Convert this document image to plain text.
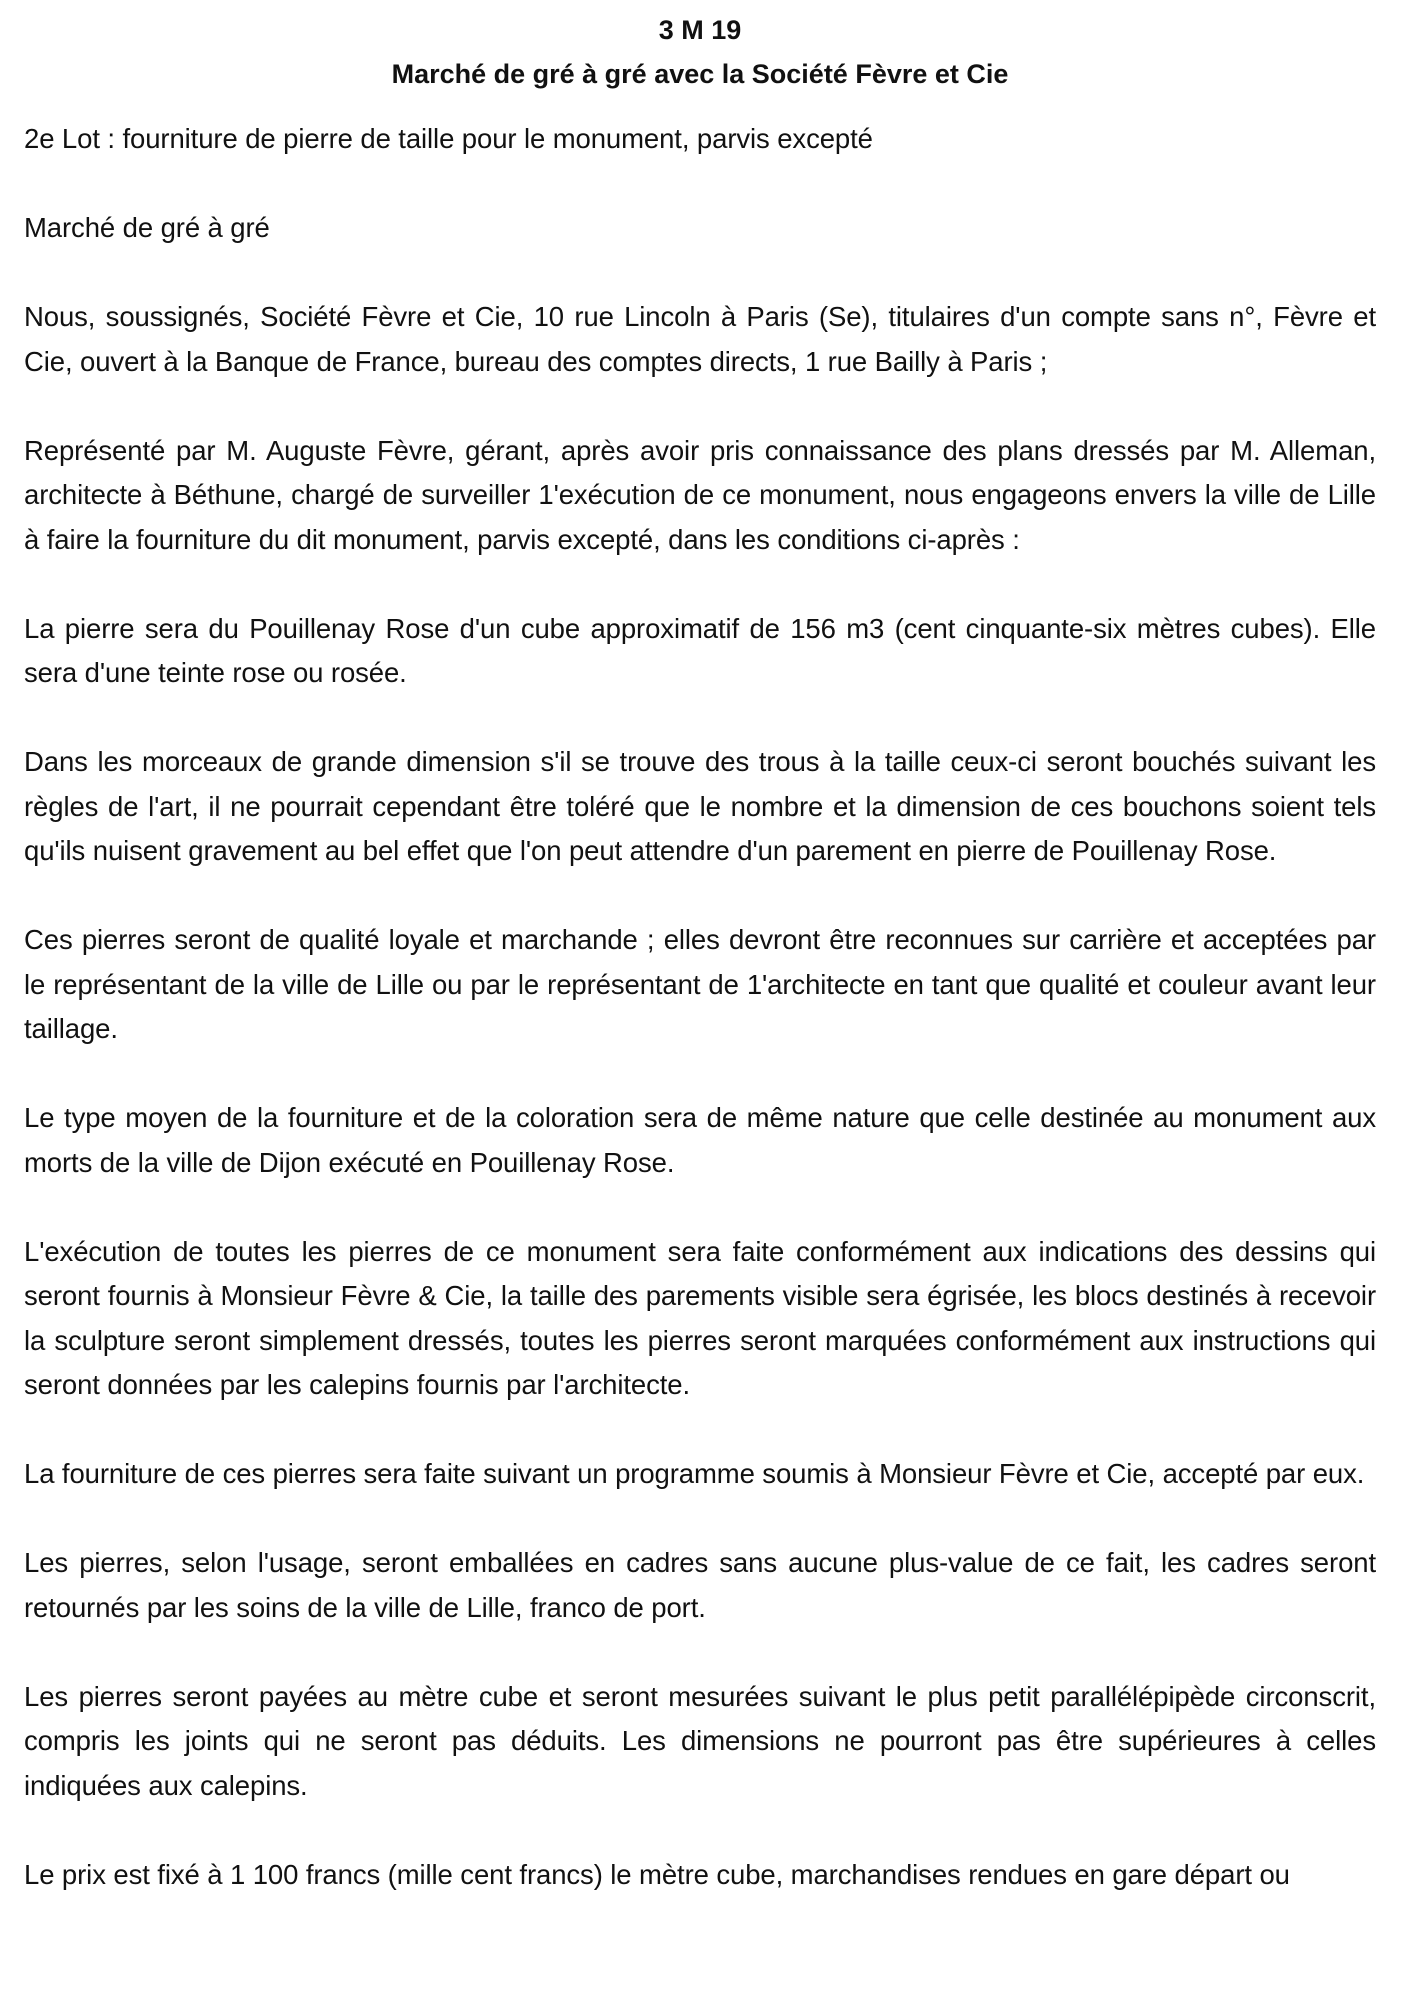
3 M 19

Marché de gré à gré avec la Société Fèvre et Cie

2e Lot : fourniture de pierre de taille pour le monument, parvis excepté

Marché de gré à gré

Nous, soussignés, Société Fèvre et Cie, 10 rue Lincoln à Paris (Se), titulaires d'un compte sans n°, Fèvre et Cie, ouvert à la Banque de France, bureau des comptes directs, 1 rue Bailly à Paris ;

Représenté par M. Auguste Fèvre, gérant, après avoir pris connaissance des plans dressés par M. Alleman, architecte à Béthune, chargé de surveiller 1'exécution de ce monument, nous engageons envers la ville de Lille à faire la fourniture du dit monument, parvis excepté, dans les conditions ci-après :

La pierre sera du Pouillenay Rose d'un cube approximatif de 156 m3 (cent cinquante-six mètres cubes). Elle sera d'une teinte rose ou rosée.

Dans les morceaux de grande dimension s'il se trouve des trous à la taille ceux-ci seront bouchés suivant les règles de l'art, il ne pourrait cependant être toléré que le nombre et la dimension de ces bouchons soient tels qu'ils nuisent gravement au bel effet que l'on peut attendre d'un parement en pierre de Pouillenay Rose.

Ces pierres seront de qualité loyale et marchande ; elles devront être reconnues sur carrière et acceptées par le représentant de la ville de Lille ou par le représentant de 1'architecte en tant que qualité et couleur avant leur taillage.

Le type moyen de la fourniture et de la coloration sera de même nature que celle destinée au monument aux morts de la ville de Dijon exécuté en Pouillenay Rose.

L'exécution de toutes les pierres de ce monument sera faite conformément aux indications des dessins qui seront fournis à Monsieur Fèvre & Cie, la taille des parements visible sera égrisée, les blocs destinés à recevoir la sculpture seront simplement dressés, toutes les pierres seront marquées conformément aux instructions qui seront données par les calepins fournis par l'architecte.

La fourniture de ces pierres sera faite suivant un programme soumis à Monsieur Fèvre et Cie, accepté par eux.

Les pierres, selon l'usage, seront emballées en cadres sans aucune plus-value de ce fait, les cadres seront retournés par les soins de la ville de Lille, franco de port.

Les pierres seront payées au mètre cube et seront mesurées suivant le plus petit parallélépipède circonscrit, compris les joints qui ne seront pas déduits. Les dimensions ne pourront pas être supérieures à celles indiquées aux calepins.

Le prix est fixé à 1 100 francs (mille cent francs) le mètre cube, marchandises rendues en gare départ ou
